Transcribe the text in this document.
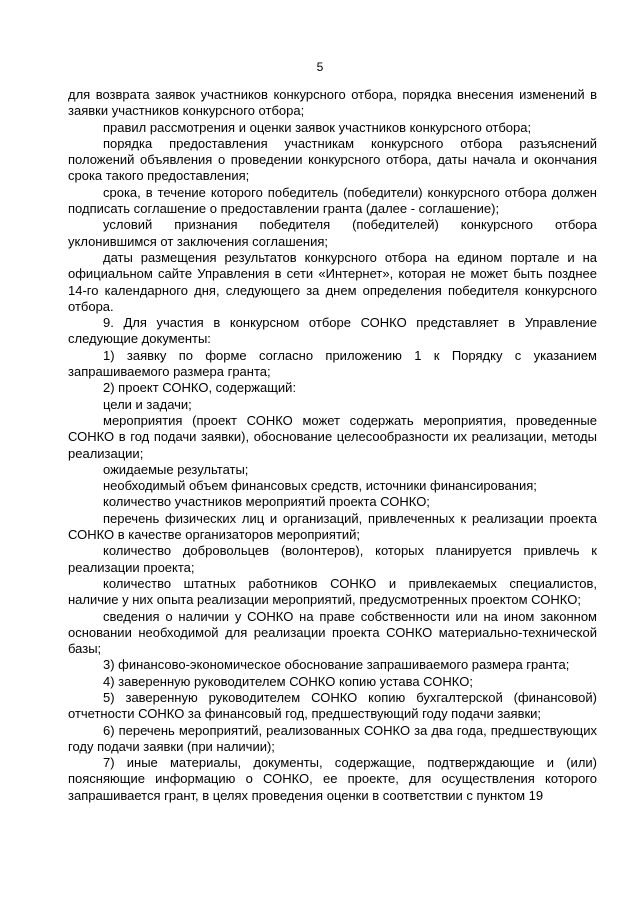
5

для возврата заявок участников конкурсного отбора, порядка внесения изменений в заявки участников конкурсного отбора;

правил рассмотрения и оценки заявок участников конкурсного отбора;

порядка предоставления участникам конкурсного отбора разъяснений положений объявления о проведении конкурсного отбора, даты начала и окончания срока такого предоставления;

срока, в течение которого победитель (победители) конкурсного отбора должен подписать соглашение о предоставлении гранта (далее - соглашение);

условий признания победителя (победителей) конкурсного отбора уклонившимся от заключения соглашения;

даты размещения результатов конкурсного отбора на едином портале и на официальном сайте Управления в сети «Интернет», которая не может быть позднее 14-го календарного дня, следующего за днем определения победителя конкурсного отбора.

9. Для участия в конкурсном отборе СОНКО представляет в Управление следующие документы:

1) заявку по форме согласно приложению 1 к Порядку с указанием запрашиваемого размера гранта;

2) проект СОНКО, содержащий:

цели и задачи;

мероприятия (проект СОНКО может содержать мероприятия, проведенные СОНКО в год подачи заявки), обоснование целесообразности их реализации, методы реализации;

ожидаемые результаты;

необходимый объем финансовых средств, источники финансирования;

количество участников мероприятий проекта СОНКО;

перечень физических лиц и организаций, привлеченных к реализации проекта СОНКО в качестве организаторов мероприятий;

количество добровольцев (волонтеров), которых планируется привлечь к реализации проекта;

количество штатных работников СОНКО и привлекаемых специалистов, наличие у них опыта реализации мероприятий, предусмотренных проектом СОНКО;

сведения о наличии у СОНКО на праве собственности или на ином законном основании необходимой для реализации проекта СОНКО материально-технической базы;

3) финансово-экономическое обоснование запрашиваемого размера гранта;

4) заверенную руководителем СОНКО копию устава СОНКО;

5) заверенную руководителем СОНКО копию бухгалтерской (финансовой) отчетности СОНКО за финансовый год, предшествующий году подачи заявки;

6) перечень мероприятий, реализованных СОНКО за два года, предшествующих году подачи заявки (при наличии);

7) иные материалы, документы, содержащие, подтверждающие и (или) поясняющие информацию о СОНКО, ее проекте, для осуществления которого запрашивается грант, в целях проведения оценки в соответствии с пунктом 19
